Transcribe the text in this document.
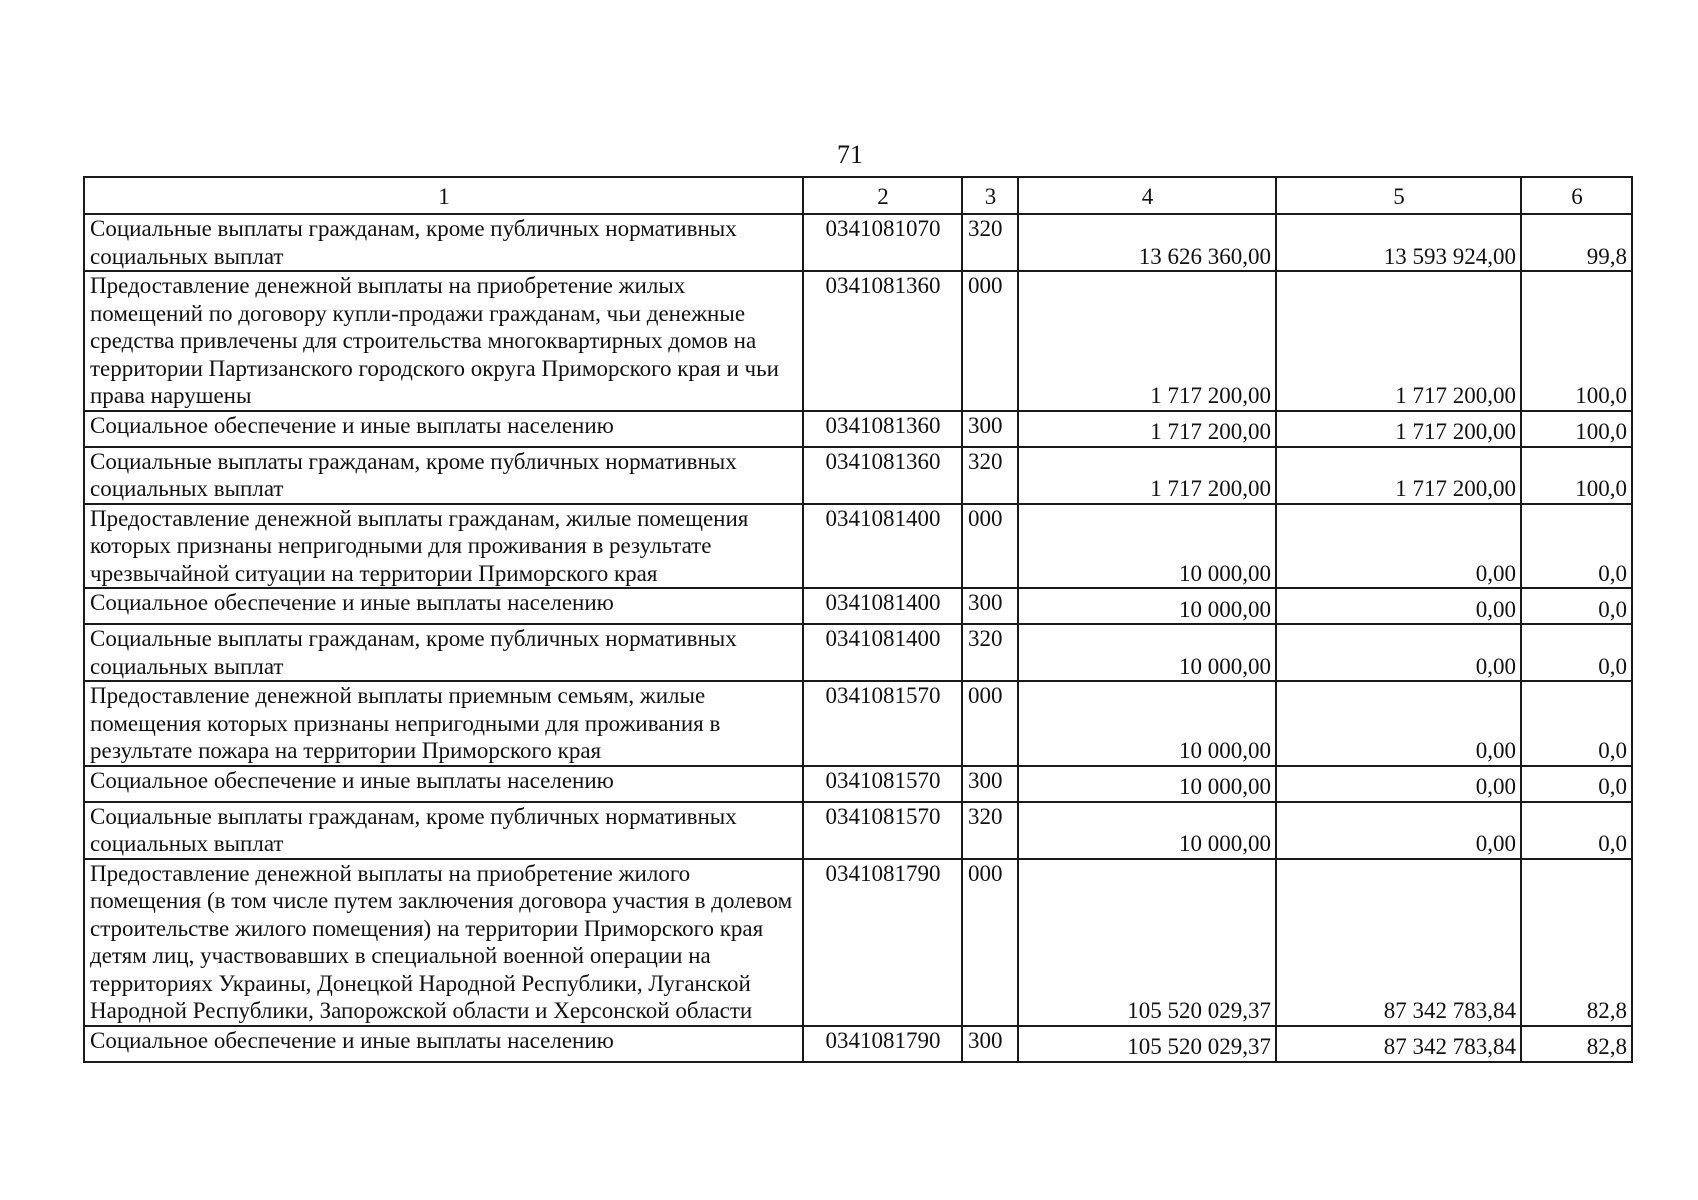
71
1	2	3	4	5	6
Социальные выплаты гражданам, кроме публичных нормативных социальных выплат	0341081070	320	13 626 360,00	13 593 924,00	99,8
Предоставление денежной выплаты на приобретение жилых помещений по договору купли-продажи гражданам, чьи денежные средства привлечены для строительства многоквартирных домов на территории Партизанского городского округа Приморского края и чьи права нарушены	0341081360	000	1 717 200,00	1 717 200,00	100,0
Социальное обеспечение и иные выплаты населению	0341081360	300	1 717 200,00	1 717 200,00	100,0
Социальные выплаты гражданам, кроме публичных нормативных социальных выплат	0341081360	320	1 717 200,00	1 717 200,00	100,0
Предоставление денежной выплаты гражданам, жилые помещения которых признаны непригодными для проживания в результате чрезвычайной ситуации на территории Приморского края	0341081400	000	10 000,00	0,00	0,0
Социальное обеспечение и иные выплаты населению	0341081400	300	10 000,00	0,00	0,0
Социальные выплаты гражданам, кроме публичных нормативных социальных выплат	0341081400	320	10 000,00	0,00	0,0
Предоставление денежной выплаты приемным семьям, жилые помещения которых признаны непригодными для проживания в результате пожара на территории Приморского края	0341081570	000	10 000,00	0,00	0,0
Социальное обеспечение и иные выплаты населению	0341081570	300	10 000,00	0,00	0,0
Социальные выплаты гражданам, кроме публичных нормативных социальных выплат	0341081570	320	10 000,00	0,00	0,0
Предоставление денежной выплаты на приобретение жилого помещения (в том числе путем заключения договора участия в долевом строительстве жилого помещения) на территории Приморского края детям лиц, участвовавших в специальной военной операции на территориях Украины, Донецкой Народной Республики, Луганской Народной Республики, Запорожской области и Херсонской области	0341081790	000	105 520 029,37	87 342 783,84	82,8
Социальное обеспечение и иные выплаты населению	0341081790	300	105 520 029,37	87 342 783,84	82,8
